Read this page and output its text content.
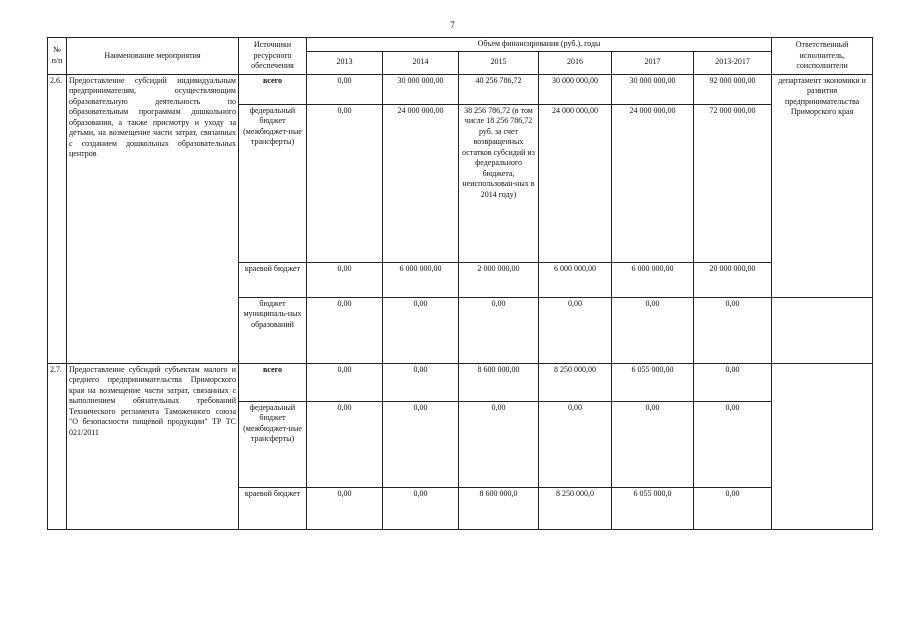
7
№ п/п	Наименование мероприятия	Источники ресурсного обеспечения	Объем финансирования (руб.), годы						Ответственный исполнитель, соисполнители
			2013	2014	2015	2016	2017	2013-2017	
2.6.	Предоставление субсидий индивидуальным предпринимателям, осуществляющим образовательную деятельность по образовательным программам дошкольного образования, а также присмотру и уходу за детьми, на возмещение части затрат, связанных с созданием дошкольных образовательных центров	всего	0,00	30 000 000,00	40 256 786,72	30 000 000,00	30 000 000,00	92 000 000,00	департамент экономики и развития предпринимательства Приморского края
		федеральный бюджет (межбюджет-ные трансферты)	0,00	24 000 000,00	38 256 786,72 (в том числе 18 256 786,72 руб. за счет возвращенных остатков субсидий из федерального бюджета, неиспользован-ных в 2014 году)	24 000 000,00	24 000 000,00	72 000 000,00	
		краевой бюджет	0,00	6 000 000,00	2 000 000,00	6 000 000,00	6 000 000,00	20 000 000,00	
		бюджет муниципаль-ных образований	0,00	0,00	0,00	0,00	0,00	0,00	
2.7.	Предоставление субсидий субъектам малого и среднего предпринимательства Приморского края на возмещение части затрат, связанных с выполнением обязательных требований Технического регламента Таможенного союза "О безопасности пищевой продукции" ТР ТС 021/2011	всего	0,00	0,00	8 600 000,00	8 250 000,00	6 055 000,00	0,00	
		федеральный бюджет (межбюджет-ные трансферты)	0,00	0,00	0,00	0,00	0,00	0,00	
		краевой бюджет	0,00	0,00	8 600 000,0	8 250 000,0	6 055 000,0	0,00	
